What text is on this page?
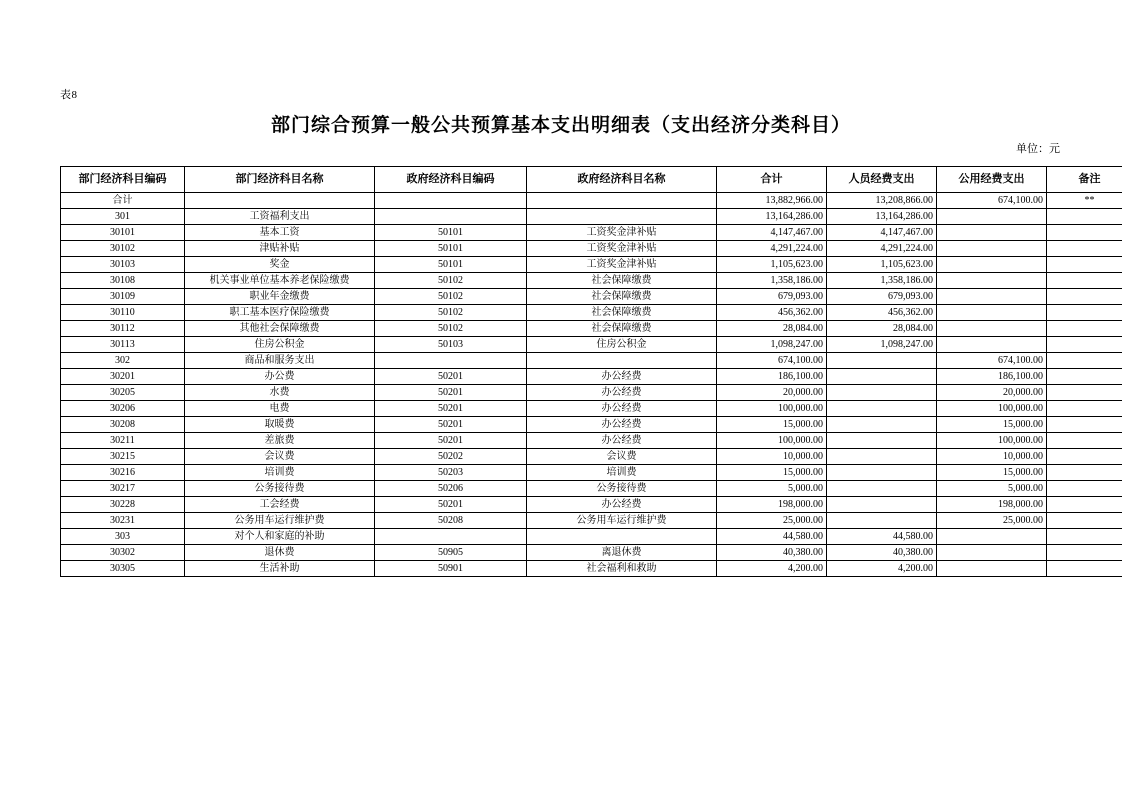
表8
部门综合预算一般公共预算基本支出明细表（支出经济分类科目）
单位：元
部门经济科目编码	部门经济科目名称	政府经济科目编码	政府经济科目名称	合计	人员经费支出	公用经费支出	备注
合计				13,882,966.00	13,208,866.00	674,100.00	**
301	工资福利支出			13,164,286.00	13,164,286.00		
30101	基本工资	50101	工资奖金津补贴	4,147,467.00	4,147,467.00		
30102	津贴补贴	50101	工资奖金津补贴	4,291,224.00	4,291,224.00		
30103	奖金	50101	工资奖金津补贴	1,105,623.00	1,105,623.00		
30108	机关事业单位基本养老保险缴费	50102	社会保障缴费	1,358,186.00	1,358,186.00		
30109	职业年金缴费	50102	社会保障缴费	679,093.00	679,093.00		
30110	职工基本医疗保险缴费	50102	社会保障缴费	456,362.00	456,362.00		
30112	其他社会保障缴费	50102	社会保障缴费	28,084.00	28,084.00		
30113	住房公积金	50103	住房公积金	1,098,247.00	1,098,247.00		
302	商品和服务支出			674,100.00		674,100.00	
30201	办公费	50201	办公经费	186,100.00		186,100.00	
30205	水费	50201	办公经费	20,000.00		20,000.00	
30206	电费	50201	办公经费	100,000.00		100,000.00	
30208	取暖费	50201	办公经费	15,000.00		15,000.00	
30211	差旅费	50201	办公经费	100,000.00		100,000.00	
30215	会议费	50202	会议费	10,000.00		10,000.00	
30216	培训费	50203	培训费	15,000.00		15,000.00	
30217	公务接待费	50206	公务接待费	5,000.00		5,000.00	
30228	工会经费	50201	办公经费	198,000.00		198,000.00	
30231	公务用车运行维护费	50208	公务用车运行维护费	25,000.00		25,000.00	
303	对个人和家庭的补助			44,580.00	44,580.00		
30302	退休费	50905	离退休费	40,380.00	40,380.00		
30305	生活补助	50901	社会福利和救助	4,200.00	4,200.00		
